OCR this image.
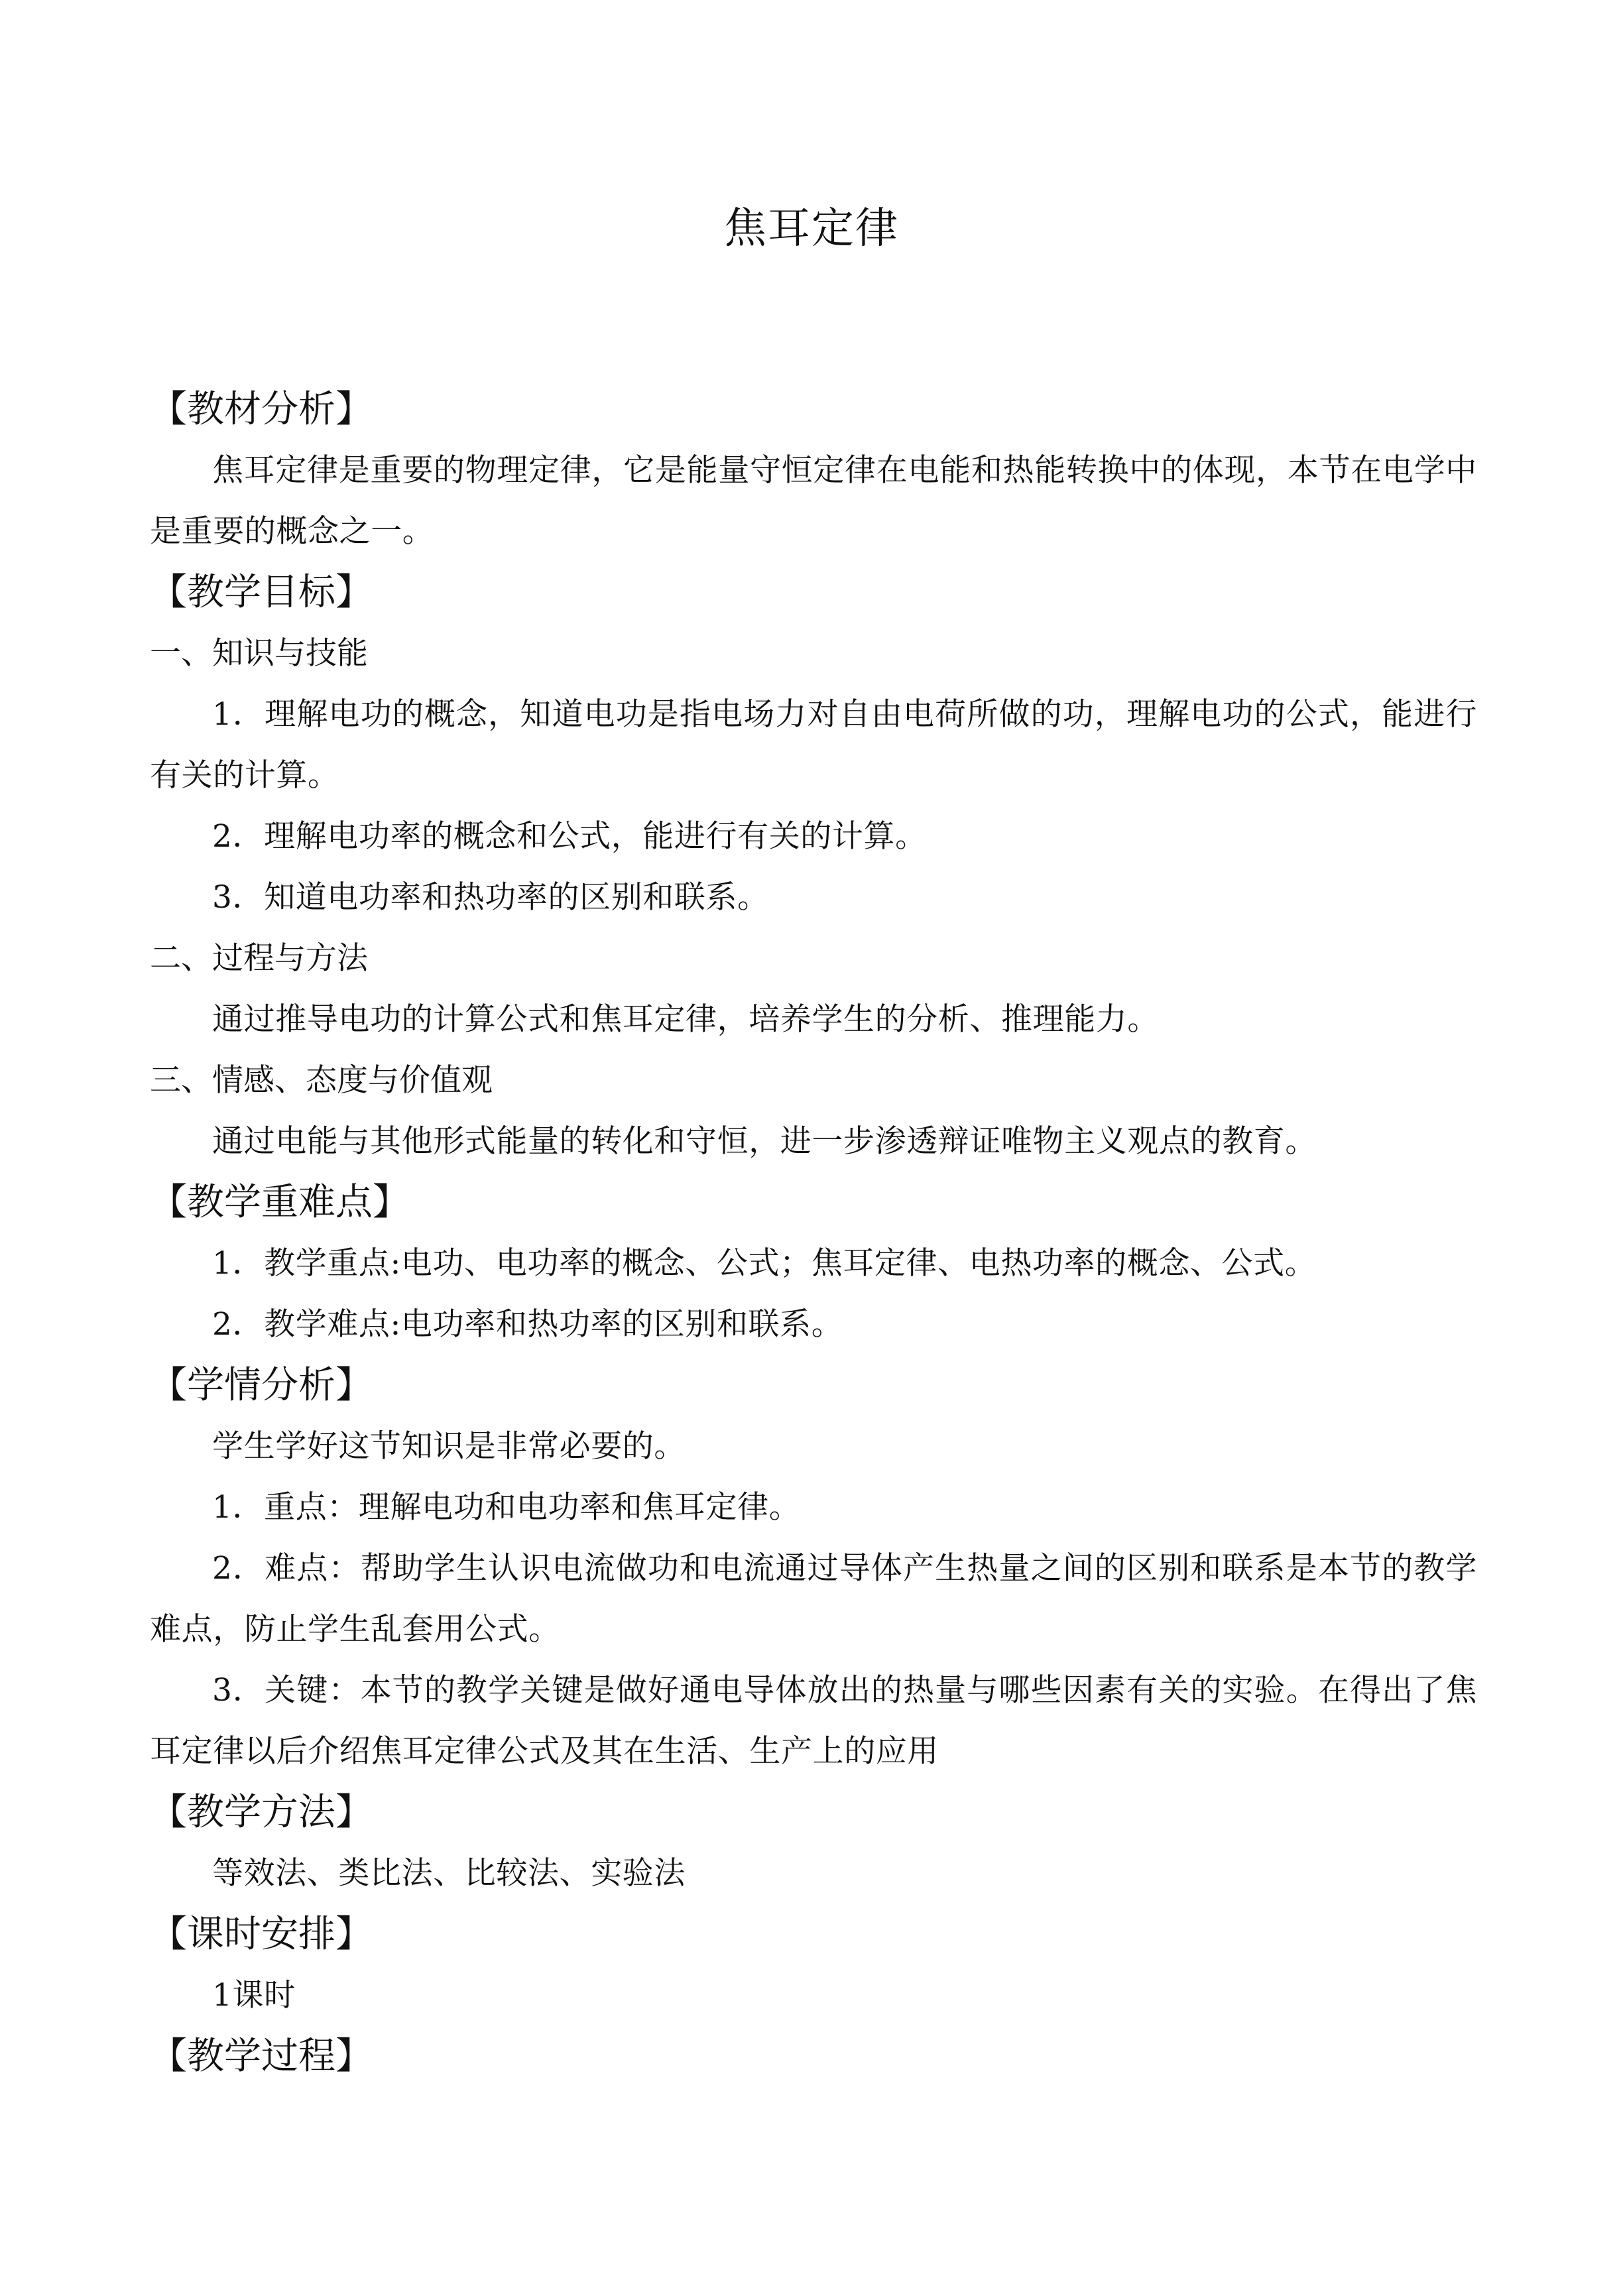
焦耳定律

【教材分析】

焦耳定律是重要的物理定律，它是能量守恒定律在电能和热能转换中的体现，本节在电学中是重要的概念之一。

【教学目标】

一、知识与技能

1．理解电功的概念，知道电功是指电场力对自由电荷所做的功，理解电功的公式，能进行有关的计算。

2．理解电功率的概念和公式，能进行有关的计算。

3．知道电功率和热功率的区别和联系。

二、过程与方法

通过推导电功的计算公式和焦耳定律，培养学生的分析、推理能力。

三、情感、态度与价值观

通过电能与其他形式能量的转化和守恒，进一步渗透辩证唯物主义观点的教育。

【教学重难点】

1．教学重点:电功、电功率的概念、公式；焦耳定律、电热功率的概念、公式。

2．教学难点:电功率和热功率的区别和联系。

【学情分析】

学生学好这节知识是非常必要的。

1．重点：理解电功和电功率和焦耳定律。

2．难点：帮助学生认识电流做功和电流通过导体产生热量之间的区别和联系是本节的教学难点，防止学生乱套用公式。

3．关键：本节的教学关键是做好通电导体放出的热量与哪些因素有关的实验。在得出了焦耳定律以后介绍焦耳定律公式及其在生活、生产上的应用

【教学方法】

等效法、类比法、比较法、实验法

【课时安排】

1课时

【教学过程】
